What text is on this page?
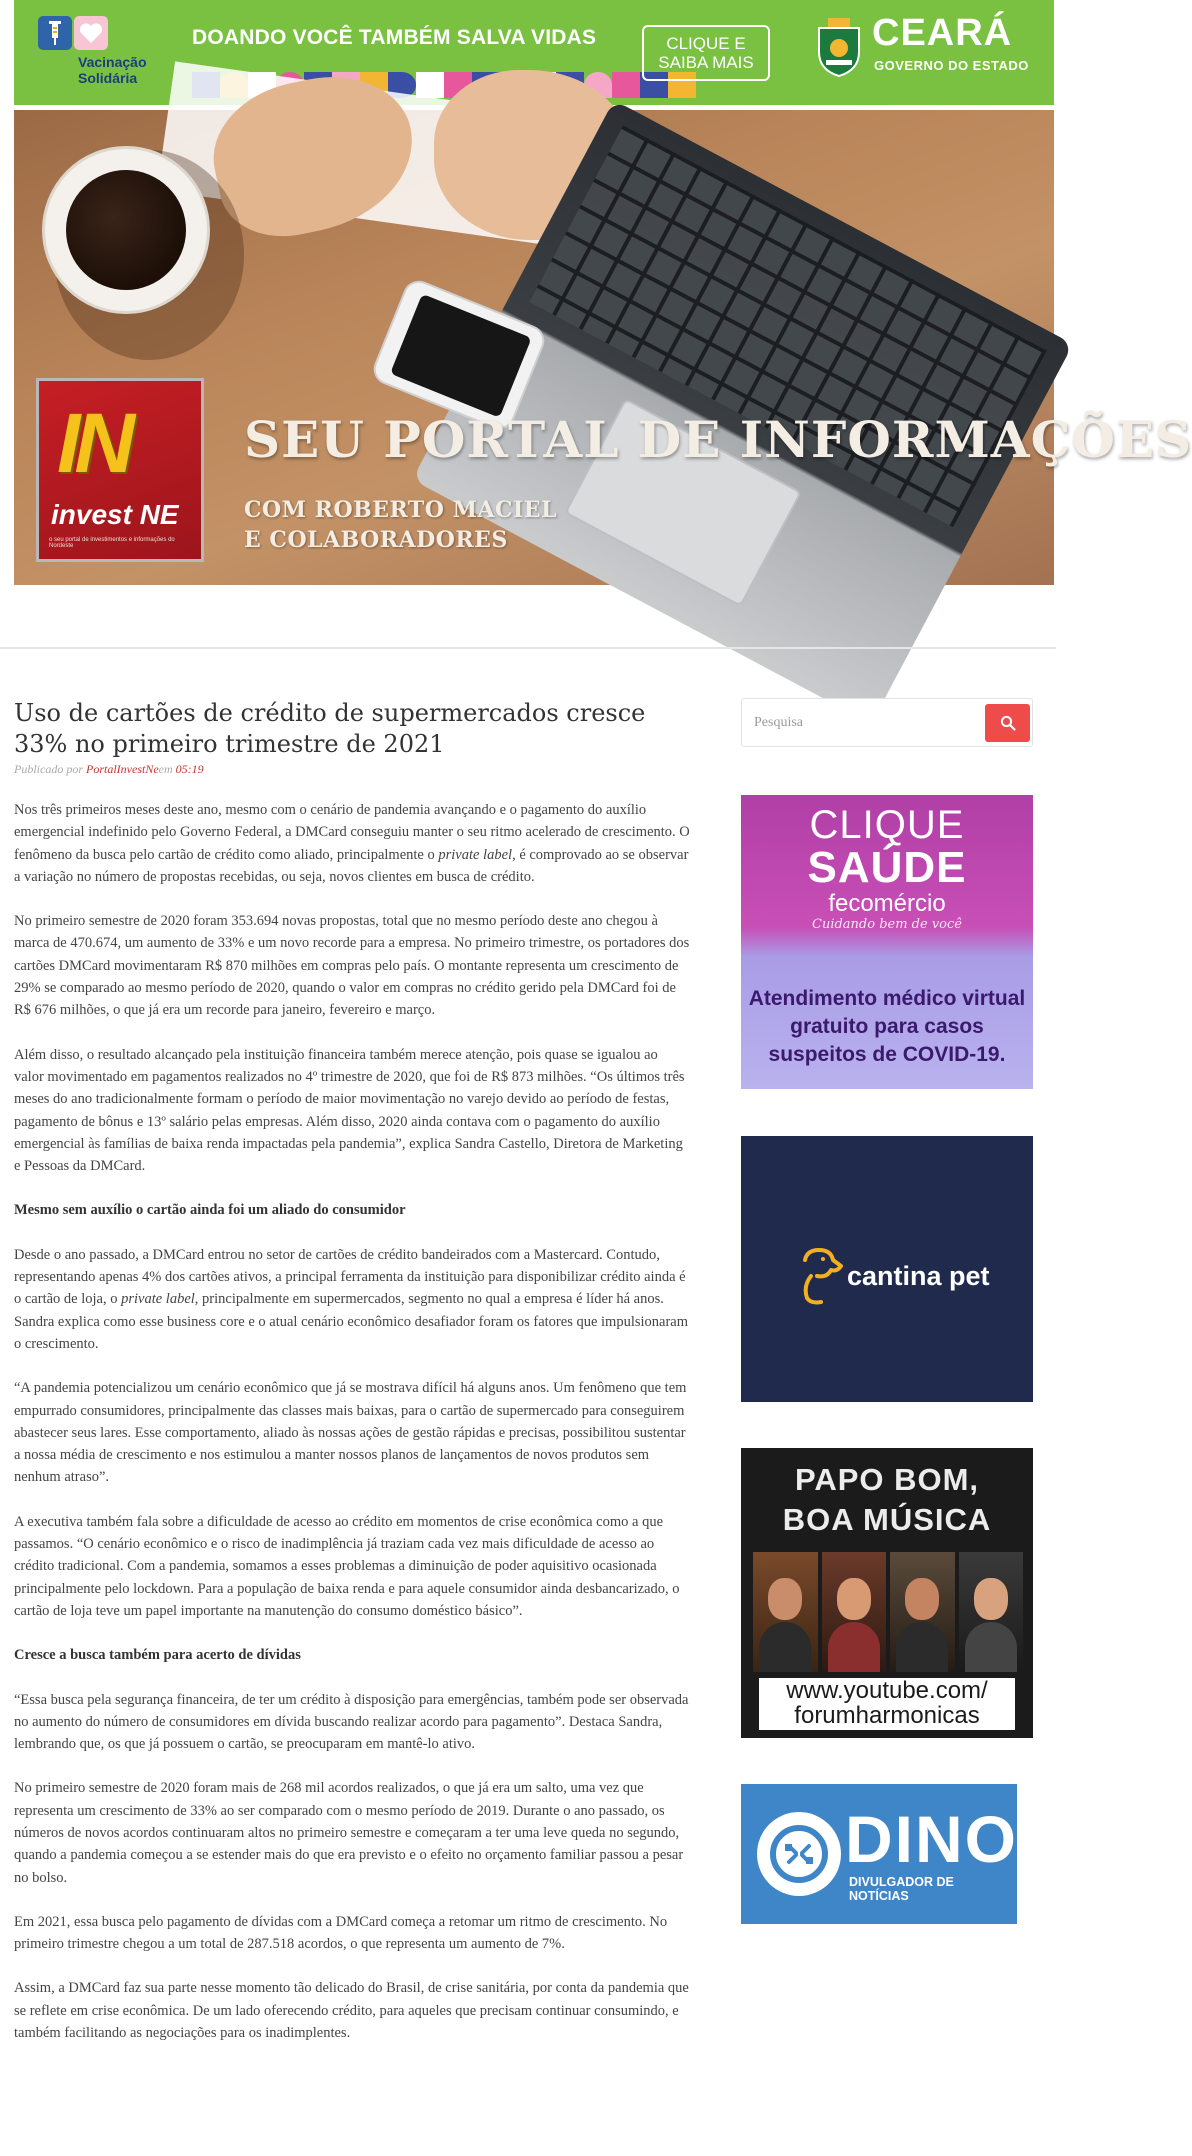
Vacinação
Solidária
DOANDO VOCÊ TAMBÉM SALVA VIDAS	CLIQUE E
SAIBA MAIS
CEARÁ
GOVERNO DO ESTADO
IN
invest NE
o seu portal de investimentos e informações do Nordeste
SEU PORTAL DE INFORMAÇÕES
COM ROBERTO MACIEL
E COLABORADORES
Uso de cartões de crédito de supermercados cresce 33% no primeiro trimestre de 2021
Publicado por PortalInvestNeem 05:19

Nos três primeiros meses deste ano, mesmo com o cenário de pandemia avançando e o pagamento do auxílio emergencial indefinido pelo Governo Federal, a DMCard conseguiu manter o seu ritmo acelerado de crescimento. O fenômeno da busca pelo cartão de crédito como aliado, principalmente o private label, é comprovado ao se observar a variação no número de propostas recebidas, ou seja, novos clientes em busca de crédito.

No primeiro semestre de 2020 foram 353.694 novas propostas, total que no mesmo período deste ano chegou à marca de 470.674, um aumento de 33% e um novo recorde para a empresa. No primeiro trimestre, os portadores dos cartões DMCard movimentaram R$ 870 milhões em compras pelo país. O montante representa um crescimento de 29% se comparado ao mesmo período de 2020, quando o valor em compras no crédito gerido pela DMCard foi de R$ 676 milhões, o que já era um recorde para janeiro, fevereiro e março.

Além disso, o resultado alcançado pela instituição financeira também merece atenção, pois quase se igualou ao valor movimentado em pagamentos realizados no 4º trimestre de 2020, que foi de R$ 873 milhões. “Os últimos três meses do ano tradicionalmente formam o período de maior movimentação no varejo devido ao período de festas, pagamento de bônus e 13º salário pelas empresas. Além disso, 2020 ainda contava com o pagamento do auxílio emergencial às famílias de baixa renda impactadas pela pandemia”, explica Sandra Castello, Diretora de Marketing e Pessoas da DMCard.

Mesmo sem auxílio o cartão ainda foi um aliado do consumidor

Desde o ano passado, a DMCard entrou no setor de cartões de crédito bandeirados com a Mastercard. Contudo, representando apenas 4% dos cartões ativos, a principal ferramenta da instituição para disponibilizar crédito ainda é o cartão de loja, o private label, principalmente em supermercados, segmento no qual a empresa é líder há anos. Sandra explica como esse business core e o atual cenário econômico desafiador foram os fatores que impulsionaram o crescimento.

“A pandemia potencializou um cenário econômico que já se mostrava difícil há alguns anos. Um fenômeno que tem empurrado consumidores, principalmente das classes mais baixas, para o cartão de supermercado para conseguirem abastecer seus lares. Esse comportamento, aliado às nossas ações de gestão rápidas e precisas, possibilitou sustentar a nossa média de crescimento e nos estimulou a manter nossos planos de lançamentos de novos produtos sem nenhum atraso”.

A executiva também fala sobre a dificuldade de acesso ao crédito em momentos de crise econômica como a que passamos. “O cenário econômico e o risco de inadimplência já traziam cada vez mais dificuldade de acesso ao crédito tradicional. Com a pandemia, somamos a esses problemas a diminuição de poder aquisitivo ocasionada principalmente pelo lockdown. Para a população de baixa renda e para aquele consumidor ainda desbancarizado, o cartão de loja teve um papel importante na manutenção do consumo doméstico básico”.

Cresce a busca também para acerto de dívidas

“Essa busca pela segurança financeira, de ter um crédito à disposição para emergências, também pode ser observada no aumento do número de consumidores em dívida buscando realizar acordo para pagamento”. Destaca Sandra, lembrando que, os que já possuem o cartão, se preocuparam em mantê-lo ativo.

No primeiro semestre de 2020 foram mais de 268 mil acordos realizados, o que já era um salto, uma vez que representa um crescimento de 33% ao ser comparado com o mesmo período de 2019. Durante o ano passado, os números de novos acordos continuaram altos no primeiro semestre e começaram a ter uma leve queda no segundo, quando a pandemia começou a se estender mais do que era previsto e o efeito no orçamento familiar passou a pesar no bolso.

Em 2021, essa busca pelo pagamento de dívidas com a DMCard começa a retomar um ritmo de crescimento. No primeiro trimestre chegou a um total de 287.518 acordos, o que representa um aumento de 7%.

Assim, a DMCard faz sua parte nesse momento tão delicado do Brasil, de crise sanitária, por conta da pandemia que se reflete em crise econômica. De um lado oferecendo crédito, para aqueles que precisam continuar consumindo, e também facilitando as negociações para os inadimplentes.

Pesquisa
CLIQUE
SAÚDE
fecomércio
Cuidando bem de você
Atendimento médico virtual gratuito para casos suspeitos de COVID-19.
cantina pet
PAPO BOM,
BOA MÚSICA
www.youtube.com/
forumharmonicas
DINO
DIVULGADOR DE NOTÍCIAS
